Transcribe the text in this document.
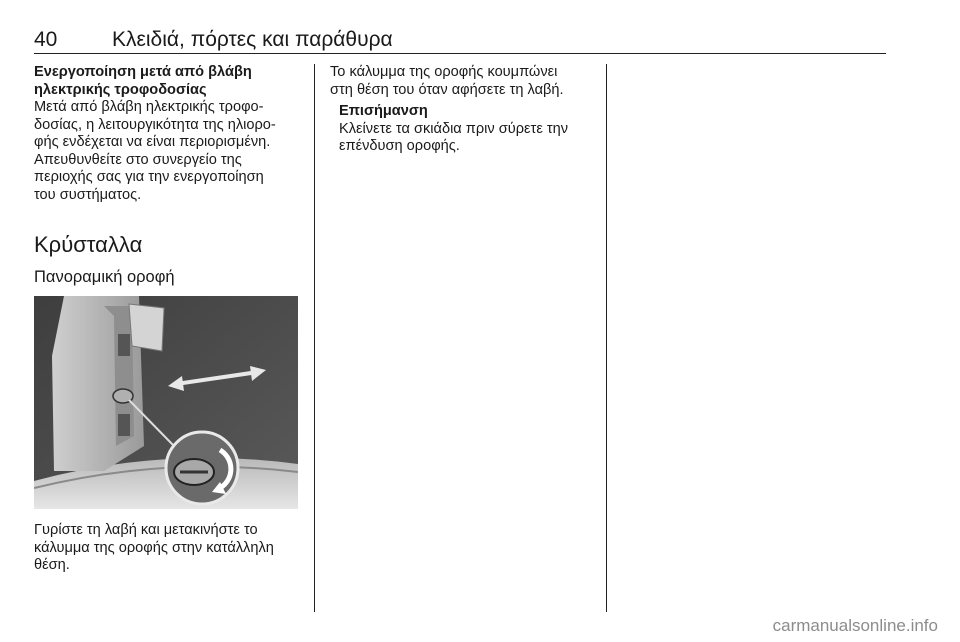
40	Κλειδιά, πόρτες και παράθυρα

Ενεργοποίηση μετά από βλάβη

ηλεκτρικής τροφοδοσίας

Μετά από βλάβη ηλεκτρικής τροφο-

δοσίας, η λειτουργικότητα της ηλιορο-

φής ενδέχεται να είναι περιορισμένη.

Απευθυνθείτε στο συνεργείο της

περιοχής σας για την ενεργοποίηση

του συστήματος.

Κρύσταλλα
Πανοραμική οροφή

Γυρίστε τη λαβή και μετακινήστε το

κάλυμμα της οροφής στην κατάλληλη

θέση.

Το κάλυμμα της οροφής κουμπώνει

στη θέση του όταν αφήσετε τη λαβή.

Επισήμανση

Κλείνετε τα σκιάδια πριν σύρετε την

επένδυση οροφής.

carmanualsonline.info
